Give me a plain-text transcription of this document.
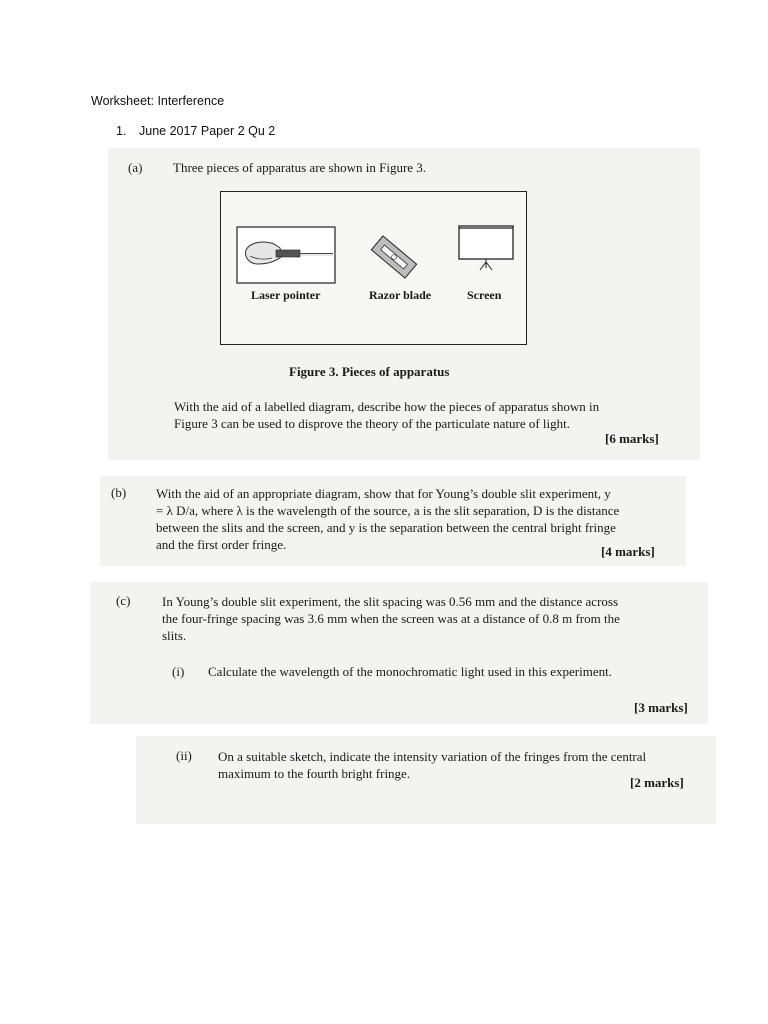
Worksheet: Interference
1. June 2017 Paper 2 Qu 2
(a) Three pieces of apparatus are shown in Figure 3.
Laser pointer	Razor blade	Screen
Figure 3. Pieces of apparatus
With the aid of a labelled diagram, describe how the pieces of apparatus shown in
Figure 3 can be used to disprove the theory of the particulate nature of light.
[6 marks]
(b) With the aid of an appropriate diagram, show that for Young’s double slit experiment, y
= λ D/a, where λ is the wavelength of the source, a is the slit separation, D is the distance
between the slits and the screen, and y is the separation between the central bright fringe
and the first order fringe.	[4 marks]
(c) In Young’s double slit experiment, the slit spacing was 0.56 mm and the distance across
the four-fringe spacing was 3.6 mm when the screen was at a distance of 0.8 m from the
slits.
(i) Calculate the wavelength of the monochromatic light used in this experiment.
[3 marks]
(ii) On a suitable sketch, indicate the intensity variation of the fringes from the central
maximum to the fourth bright fringe.
[2 marks]
